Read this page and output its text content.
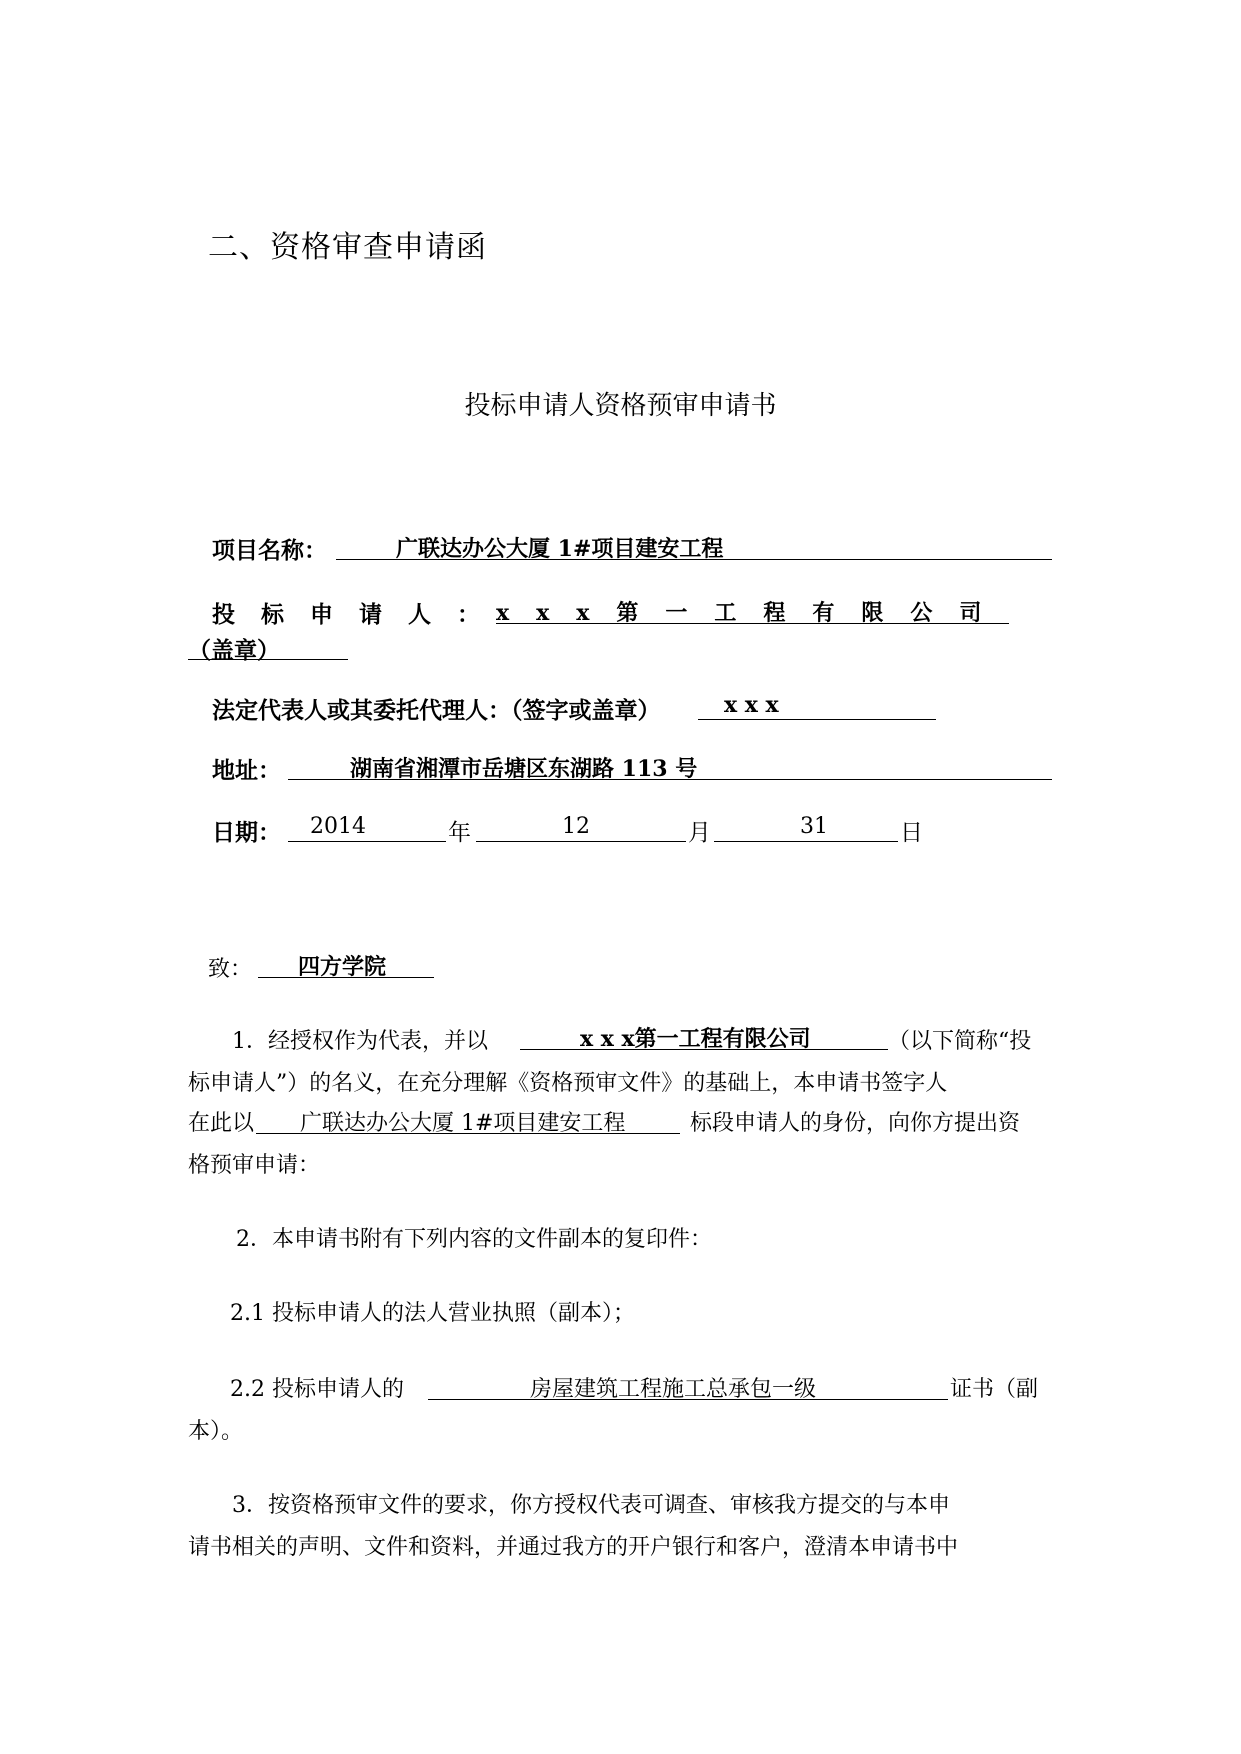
二、资格审查申请函
投标申请人资格预审申请书
项目名称：	广联达办公大厦 1#项目建安工程
投标申请人：
xxx第一工程有限公司
（盖章）
法定代表人或其委托代理人：（签字或盖章）	x x x
地址：	湖南省湘潭市岳塘区东湖路 113 号
日期： 2014	年	12	月	31	日
致： 四方学院
1．经授权作为代表，并以	x x x第一工程有限公司	（以下简称“投
标申请人”）的名义，在充分理解《资格预审文件》的基础上，本申请书签字人
在此以 广联达办公大厦 1#项目建安工程	标段申请人的身份，向你方提出资
格预审申请：
2．本申请书附有下列内容的文件副本的复印件：
2.1 投标申请人的法人营业执照（副本）；
2.2 投标申请人的	房屋建筑工程施工总承包一级	证书（副
本）。
3．按资格预审文件的要求，你方授权代表可调查、审核我方提交的与本申
请书相关的声明、文件和资料，并通过我方的开户银行和客户，澄清本申请书中
